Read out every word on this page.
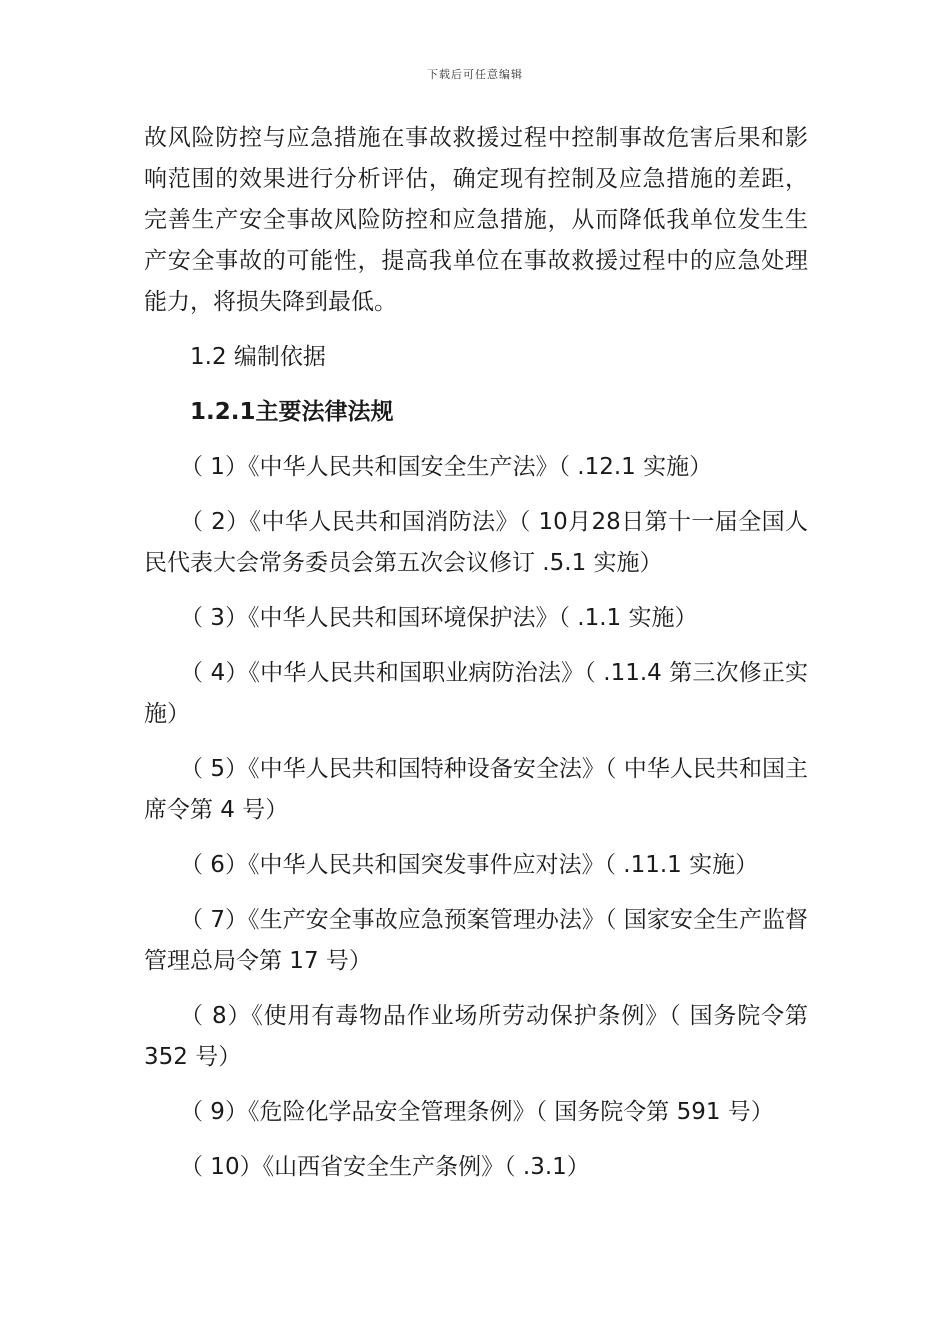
下载后可任意编辑

故风险防控与应急措施在事故救援过程中控制事故危害后果和影响范围的效果进行分析评估，确定现有控制及应急措施的差距，完善生产安全事故风险防控和应急措施，从而降低我单位发生生产安全事故的可能性，提高我单位在事故救援过程中的应急处理能力，将损失降到最低。

1.2 编制依据

1.2.1主要法律法规

（ 1）《中华人民共和国安全生产法》（ .12.1 实施）

（ 2）《中华人民共和国消防法》（ 10月28日第十一届全国人民代表大会常务委员会第五次会议修订 .5.1 实施）

（ 3）《中华人民共和国环境保护法》（ .1.1 实施）

（ 4）《中华人民共和国职业病防治法》（ .11.4 第三次修正实施）

（ 5）《中华人民共和国特种设备安全法》（ 中华人民共和国主席令第 4 号）

（ 6）《中华人民共和国突发事件应对法》（ .11.1 实施）

（ 7）《生产安全事故应急预案管理办法》（ 国家安全生产监督管理总局令第 17 号）

（ 8）《使用有毒物品作业场所劳动保护条例》（ 国务院令第 352 号）

（ 9）《危险化学品安全管理条例》（ 国务院令第 591 号）

（ 10）《山西省安全生产条例》（ .3.1）
